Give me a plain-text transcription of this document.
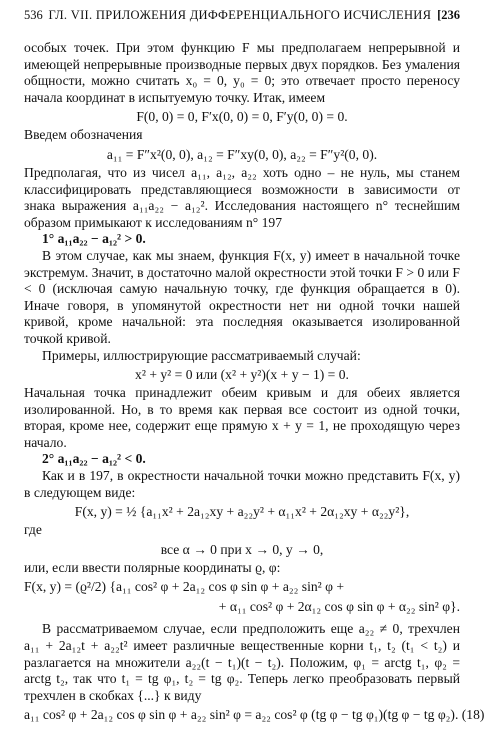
536 ГЛ. VII. ПРИЛОЖЕНИЯ ДИФФЕРЕНЦИАЛЬНОГО ИСЧИСЛЕНИЯ [236

особых точек. При этом функцию F мы предполагаем непрерывной и имеющей непрерывные производные первых двух порядков. Без умаления общности, можно считать x₀ = 0, y₀ = 0; это отвечает просто переносу начала координат в испытуемую точку. Итак, имеем

F(0, 0) = 0, F′x(0, 0) = 0, F′y(0, 0) = 0.

Введем обозначения

a₁₁ = F″x²(0, 0), a₁₂ = F″xy(0, 0), a₂₂ = F″y²(0, 0).

Предполагая, что из чисел a₁₁, a₁₂, a₂₂ хоть одно – не нуль, мы станем классифицировать представляющиеся возможности в зависимости от знака выражения a₁₁a₂₂ − a₁₂². Исследования настоящего n° теснейшим образом примыкают к исследованиям n° 197

1° a₁₁a₂₂ − a₁₂² > 0.

В этом случае, как мы знаем, функция F(x, y) имеет в начальной точке экстремум. Значит, в достаточно малой окрестности этой точки F > 0 или F < 0 (исключая самую начальную точку, где функция обращается в 0). Иначе говоря, в упомянутой окрестности нет ни одной точки нашей кривой, кроме начальной: эта последняя оказывается изолированной точкой кривой.

Примеры, иллюстрирующие рассматриваемый случай:

x² + y² = 0 или (x² + y²)(x + y − 1) = 0.

Начальная точка принадлежит обеим кривым и для обеих является изолированной. Но, в то время как первая все состоит из одной точки, вторая, кроме нее, содержит еще прямую x + y = 1, не проходящую через начало.

2° a₁₁a₂₂ − a₁₂² < 0.

Как и в 197, в окрестности начальной точки можно представить F(x, y) в следующем виде:

F(x, y) = ½ {a₁₁x² + 2a₁₂xy + a₂₂y² + α₁₁x² + 2α₁₂xy + α₂₂y²},

где

все α → 0 при x → 0, y → 0,

или, если ввести полярные координаты ϱ, φ:

F(x, y) = (ϱ²/2) {a₁₁ cos² φ + 2a₁₂ cos φ sin φ + a₂₂ sin² φ +
+ α₁₁ cos² φ + 2α₁₂ cos φ sin φ + α₂₂ sin² φ}.

В рассматриваемом случае, если предположить еще a₂₂ ≠ 0, трехчлен a₁₁ + 2a₁₂t + a₂₂t² имеет различные вещественные корни t₁, t₂ (t₁ < t₂) и разлагается на множители a₂₂(t − t₁)(t − t₂). Положим, φ₁ = arctg t₁, φ₂ = arctg t₂, так что t₁ = tg φ₁, t₂ = tg φ₂. Теперь легко преобразовать первый трехчлен в скобках {...} к виду

a₁₁ cos² φ + 2a₁₂ cos φ sin φ + a₂₂ sin² φ = a₂₂ cos² φ (tg φ − tg φ₁)(tg φ − tg φ₂). (18)
